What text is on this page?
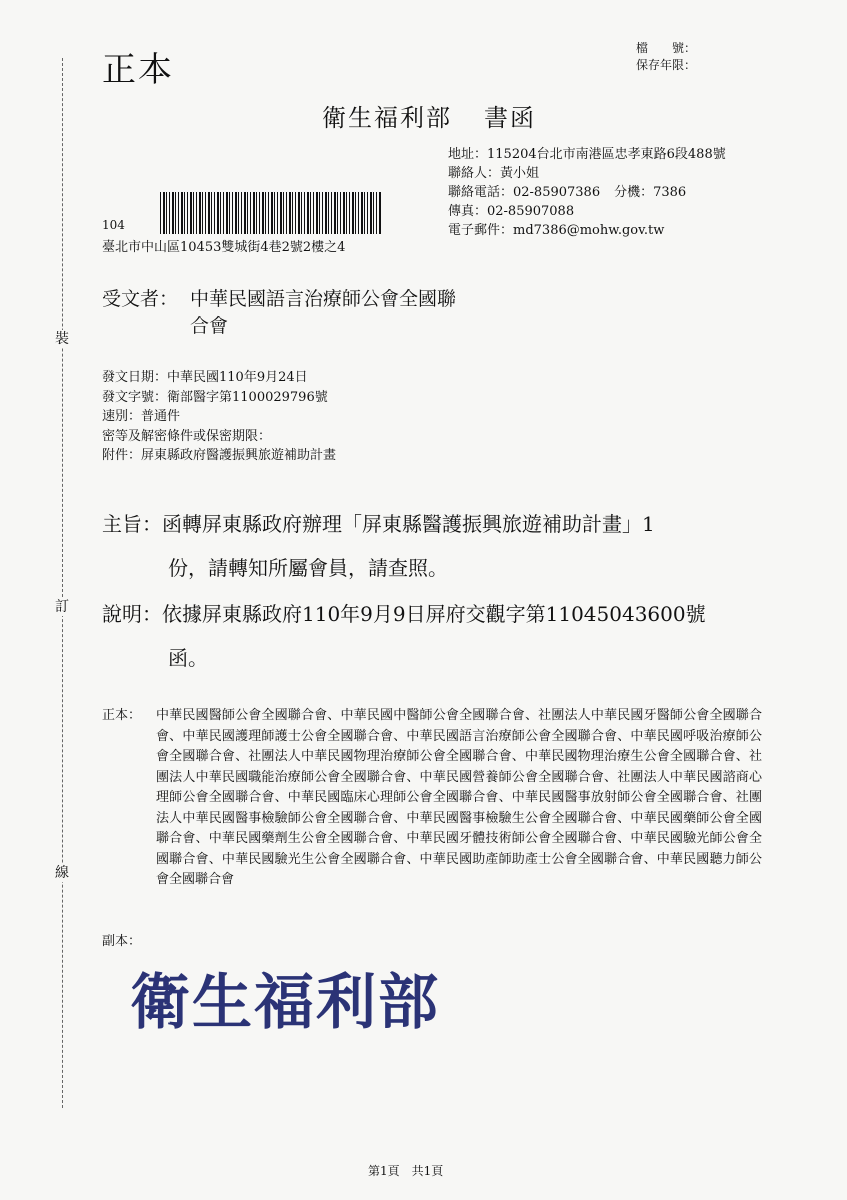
裝
訂
線
正本
檔　　號：
保存年限：
衛生福利部 書函
地址：115204台北市南港區忠孝東路6段488號
聯絡人：黃小姐
聯絡電話：02-85907386 分機：7386
傳真：02-85907088
電子郵件：md7386@mohw.gov.tw
104
臺北市中山區10453雙城街4巷2號2樓之4
受文者： 中華民國語言治療師公會全國聯
合會
發文日期：中華民國110年9月24日
發文字號：衛部醫字第1100029796號
速別：普通件
密等及解密條件或保密期限：
附件：屏東縣政府醫護振興旅遊補助計畫
主旨：函轉屏東縣政府辦理「屏東縣醫護振興旅遊補助計畫」1
份，請轉知所屬會員，請查照。
說明：依據屏東縣政府110年9月9日屏府交觀字第11045043600號
函。
正本： 中華民國醫師公會全國聯合會、中華民國中醫師公會全國聯合會、社團法人中華民國牙醫師公會全國聯合會、中華民國護理師護士公會全國聯合會、中華民國語言治療師公會全國聯合會、中華民國呼吸治療師公會全國聯合會、社團法人中華民國物理治療師公會全國聯合會、中華民國物理治療生公會全國聯合會、社團法人中華民國職能治療師公會全國聯合會、中華民國營養師公會全國聯合會、社團法人中華民國諮商心理師公會全國聯合會、中華民國臨床心理師公會全國聯合會、中華民國醫事放射師公會全國聯合會、社團法人中華民國醫事檢驗師公會全國聯合會、中華民國醫事檢驗生公會全國聯合會、中華民國藥師公會全國聯合會、中華民國藥劑生公會全國聯合會、中華民國牙體技術師公會全國聯合會、中華民國驗光師公會全國聯合會、中華民國驗光生公會全國聯合會、中華民國助產師助產士公會全國聯合會、中華民國聽力師公會全國聯合會
副本：
衛生福利部
第1頁　共1頁
